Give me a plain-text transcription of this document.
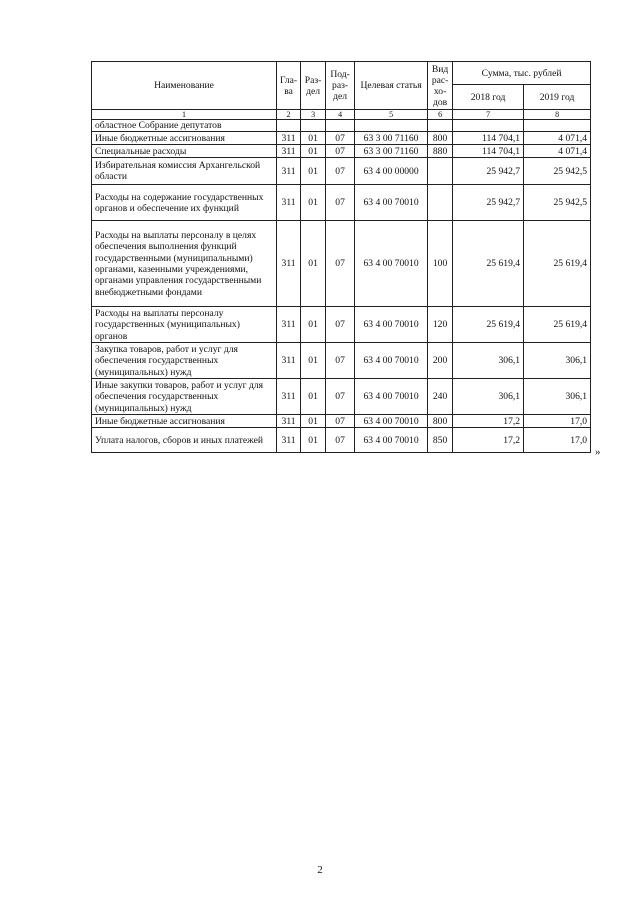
Наименование	Гла-ва	Раз-дел	Под-раз-дел	Целевая статья	Вид рас-хо-дов	Сумма, тыс. рублей	
						2018 год	2019 год
1	2	3	4	5	6	7	8
областное Собрание депутатов							
Иные бюджетные ассигнования	311	01	07	63 3 00 71160	800	114 704,1	4 071,4
Специальные расходы	311	01	07	63 3 00 71160	880	114 704,1	4 071,4
Избирательная комиссия Архангельской области	311	01	07	63 4 00 00000		25 942,7	25 942,5
Расходы на содержание государственных органов и обеспечение их функций	311	01	07	63 4 00 70010		25 942,7	25 942,5
Расходы на выплаты персоналу в целях обеспечения выполнения функций государственными (муниципальными) органами, казенными учреждениями, органами управления государственными внебюджетными фондами	311	01	07	63 4 00 70010	100	25 619,4	25 619,4
Расходы на выплаты персоналу государственных (муниципальных) органов	311	01	07	63 4 00 70010	120	25 619,4	25 619,4
Закупка товаров, работ и услуг для обеспечения государственных (муниципальных) нужд	311	01	07	63 4 00 70010	200	306,1	306,1
Иные закупки товаров, работ и услуг для обеспечения государственных (муниципальных) нужд	311	01	07	63 4 00 70010	240	306,1	306,1
Иные бюджетные ассигнования	311	01	07	63 4 00 70010	800	17,2	17,0
Уплата налогов, сборов и иных платежей	311	01	07	63 4 00 70010	850	17,2	17,0
»
2
